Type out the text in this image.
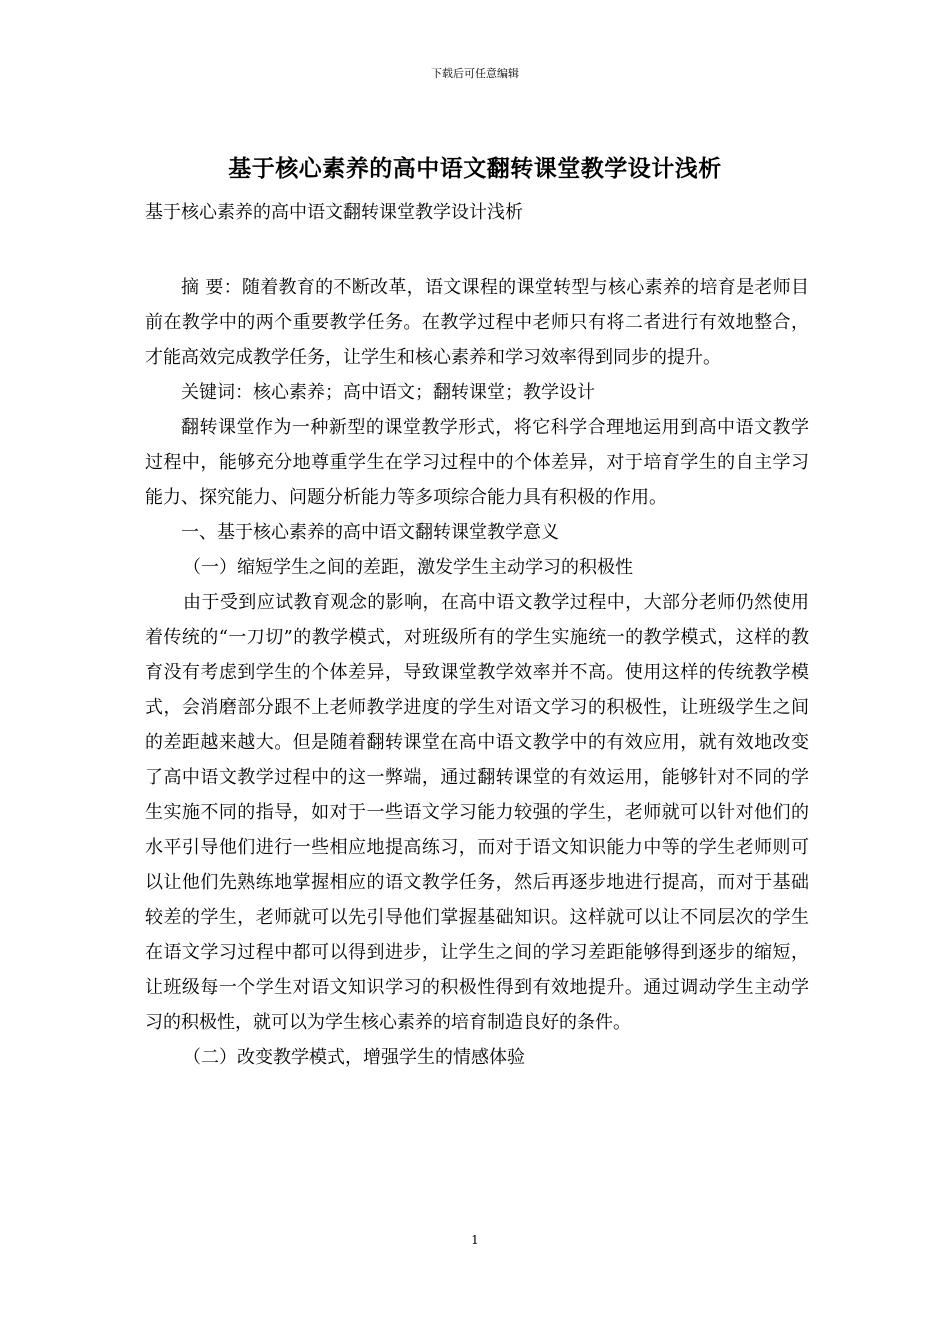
下载后可任意编辑
基于核心素养的高中语文翻转课堂教学设计浅析
基于核心素养的高中语文翻转课堂教学设计浅析

摘 要：随着教育的不断改革，语文课程的课堂转型与核心素养的培育是老师目前在教学中的两个重要教学任务。在教学过程中老师只有将二者进行有效地整合，才能高效完成教学任务，让学生和核心素养和学习效率得到同步的提升。

关键词：核心素养；高中语文；翻转课堂；教学设计

翻转课堂作为一种新型的课堂教学形式，将它科学合理地运用到高中语文教学过程中，能够充分地尊重学生在学习过程中的个体差异，对于培育学生的自主学习能力、探究能力、问题分析能力等多项综合能力具有积极的作用。

一、基于核心素养的高中语文翻转课堂教学意义

（一）缩短学生之间的差距，激发学生主动学习的积极性

由于受到应试教育观念的影响，在高中语文教学过程中，大部分老师仍然使用着传统的“一刀切”的教学模式，对班级所有的学生实施统一的教学模式，这样的教育没有考虑到学生的个体差异，导致课堂教学效率并不高。使用这样的传统教学模式，会消磨部分跟不上老师教学进度的学生对语文学习的积极性，让班级学生之间的差距越来越大。但是随着翻转课堂在高中语文教学中的有效应用，就有效地改变了高中语文教学过程中的这一弊端，通过翻转课堂的有效运用，能够针对不同的学生实施不同的指导，如对于一些语文学习能力较强的学生，老师就可以针对他们的水平引导他们进行一些相应地提高练习，而对于语文知识能力中等的学生老师则可以让他们先熟练地掌握相应的语文教学任务，然后再逐步地进行提高，而对于基础较差的学生，老师就可以先引导他们掌握基础知识。这样就可以让不同层次的学生在语文学习过程中都可以得到进步，让学生之间的学习差距能够得到逐步的缩短，让班级每一个学生对语文知识学习的积极性得到有效地提升。通过调动学生主动学习的积极性，就可以为学生核心素养的培育制造良好的条件。

（二）改变教学模式，增强学生的情感体验

1
